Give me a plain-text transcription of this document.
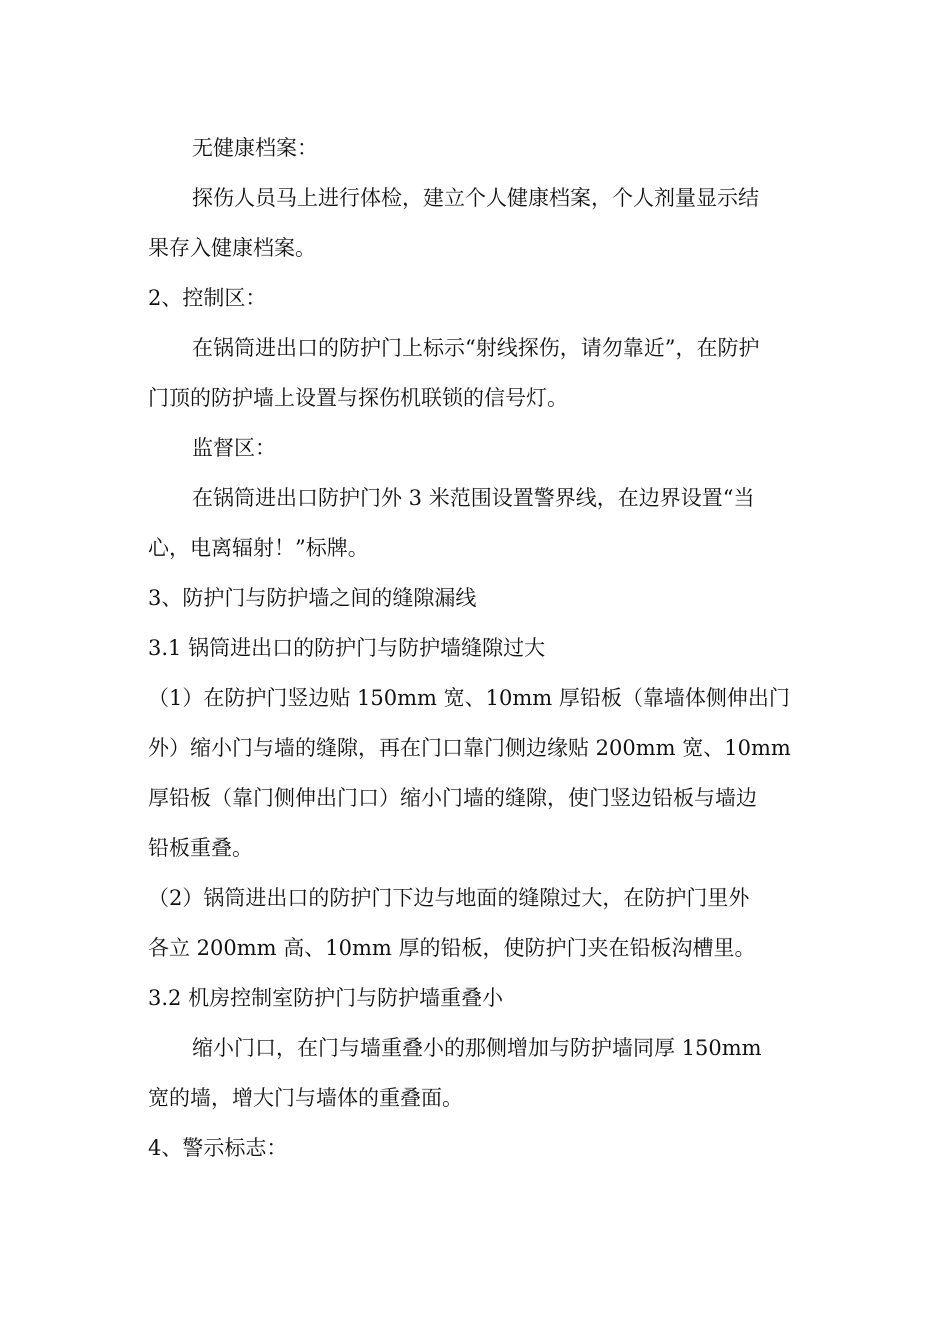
无健康档案：

探伤人员马上进行体检，建立个人健康档案，个人剂量显示结

果存入健康档案。

2、控制区：

在锅筒进出口的防护门上标示“射线探伤，请勿靠近”，在防护

门顶的防护墙上设置与探伤机联锁的信号灯。

监督区：

在锅筒进出口防护门外 3 米范围设置警界线，在边界设置“当

心，电离辐射！”标牌。

3、防护门与防护墙之间的缝隙漏线

3.1 锅筒进出口的防护门与防护墙缝隙过大

（1）在防护门竖边贴 150mm 宽、10mm 厚铅板（靠墙体侧伸出门

外）缩小门与墙的缝隙，再在门口靠门侧边缘贴 200mm 宽、10mm

厚铅板（靠门侧伸出门口）缩小门墙的缝隙，使门竖边铅板与墙边

铅板重叠。

（2）锅筒进出口的防护门下边与地面的缝隙过大，在防护门里外

各立 200mm 高、10mm 厚的铅板，使防护门夹在铅板沟槽里。

3.2 机房控制室防护门与防护墙重叠小

缩小门口，在门与墙重叠小的那侧增加与防护墙同厚 150mm

宽的墙，增大门与墙体的重叠面。

4、警示标志：
